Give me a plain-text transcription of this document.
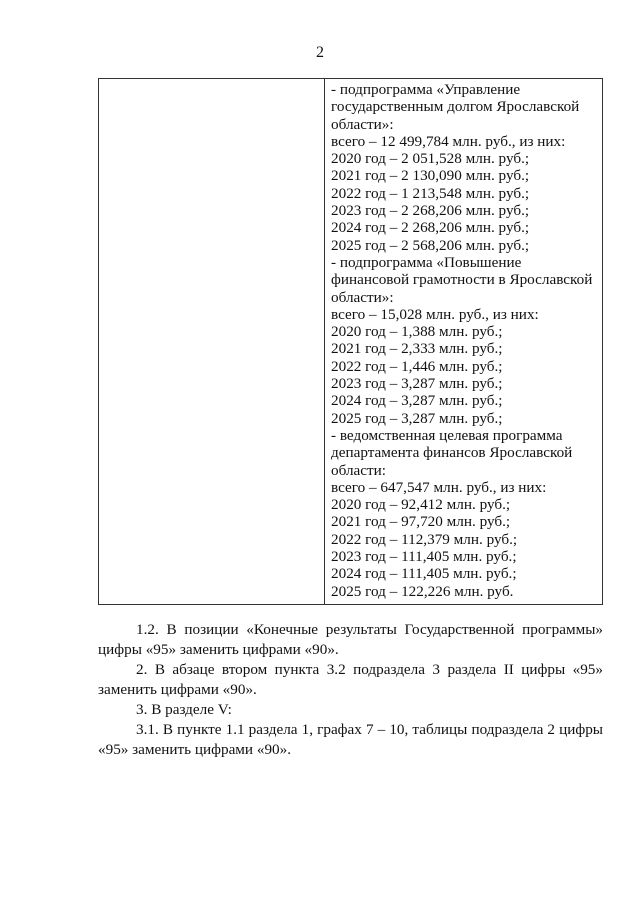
2
- подпрограмма «Управление
государственным долгом Ярославской
области»:
всего – 12 499,784 млн. руб., из них:
2020 год – 2 051,528 млн. руб.;
2021 год – 2 130,090 млн. руб.;
2022 год – 1 213,548 млн. руб.;
2023 год – 2 268,206 млн. руб.;
2024 год – 2 268,206 млн. руб.;
2025 год – 2 568,206 млн. руб.;
- подпрограмма «Повышение
финансовой грамотности в Ярославской
области»:
всего – 15,028 млн. руб., из них:
2020 год – 1,388 млн. руб.;
2021 год – 2,333 млн. руб.;
2022 год – 1,446 млн. руб.;
2023 год – 3,287 млн. руб.;
2024 год – 3,287 млн. руб.;
2025 год – 3,287 млн. руб.;
- ведомственная целевая программа
департамента финансов Ярославской
области:
всего – 647,547 млн. руб., из них:
2020 год – 92,412 млн. руб.;
2021 год – 97,720 млн. руб.;
2022 год – 112,379 млн. руб.;
2023 год – 111,405 млн. руб.;
2024 год – 111,405 млн. руб.;
2025 год – 122,226 млн. руб.
1.2. В позиции «Конечные результаты Государственной программы» цифры «95» заменить цифрами «90».
2. В абзаце втором пункта 3.2 подраздела 3 раздела II цифры «95» заменить цифрами «90».
3. В разделе V:
3.1. В пункте 1.1 раздела 1, графах 7 – 10, таблицы подраздела 2 цифры «95» заменить цифрами «90».
